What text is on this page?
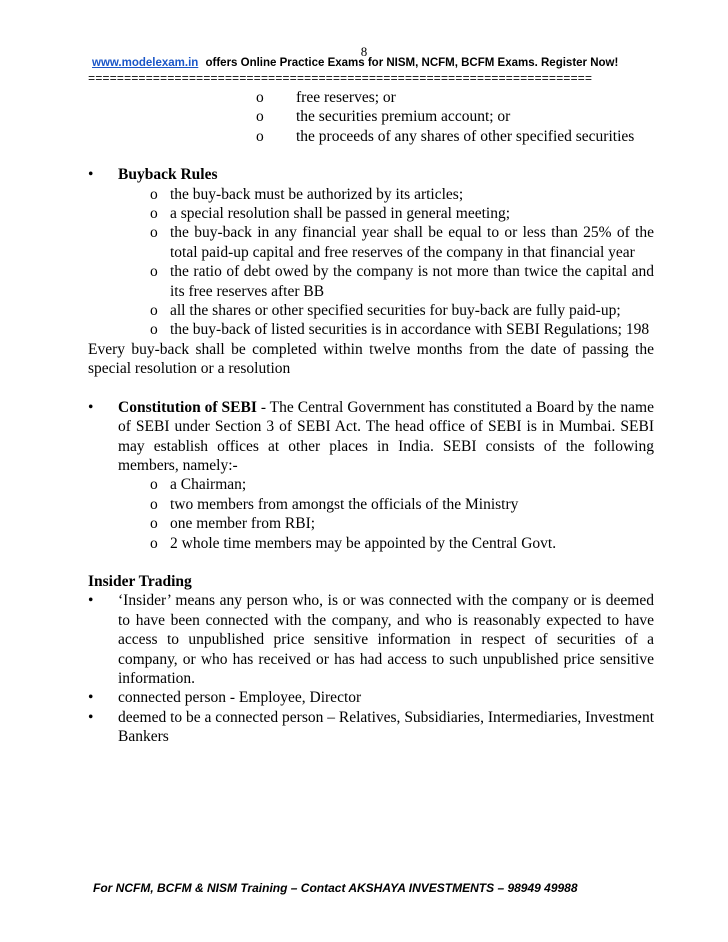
8
www.modelexam.in offers Online Practice Exams for NISM, NCFM, BCFM Exams. Register Now!
======================================================================
o	free reserves; or
o	the securities premium account; or
o	the proceeds of any shares of other specified securities
•	Buyback Rules
o the buy-back must be authorized by its articles;
o a special resolution shall be passed in general meeting;
o the buy-back in any financial year shall be equal to or less than 25% of the total paid-up capital and free reserves of the company in that financial year
o the ratio of debt owed by the company is not more than twice the capital and its free reserves after BB
o all the shares or other specified securities for buy-back are fully paid-up;
o the buy-back of listed securities is in accordance with SEBI Regulations; 198
Every buy-back shall be completed within twelve months from the date of passing the special resolution or a resolution
•	Constitution of SEBI - The Central Government has constituted a Board by the name of SEBI under Section 3 of SEBI Act. The head office of SEBI is in Mumbai. SEBI may establish offices at other places in India. SEBI consists of the following members, namely:-
o a Chairman;
o two members from amongst the officials of the Ministry
o one member from RBI;
o 2 whole time members may be appointed by the Central Govt.
Insider Trading
•	‘Insider’ means any person who, is or was connected with the company or is deemed to have been connected with the company, and who is reasonably expected to have access to unpublished price sensitive information in respect of securities of a company, or who has received or has had access to such unpublished price sensitive information.
•	connected person - Employee, Director
•	deemed to be a connected person – Relatives, Subsidiaries, Intermediaries, Investment Bankers
For NCFM, BCFM & NISM Training – Contact AKSHAYA INVESTMENTS – 98949 49988
